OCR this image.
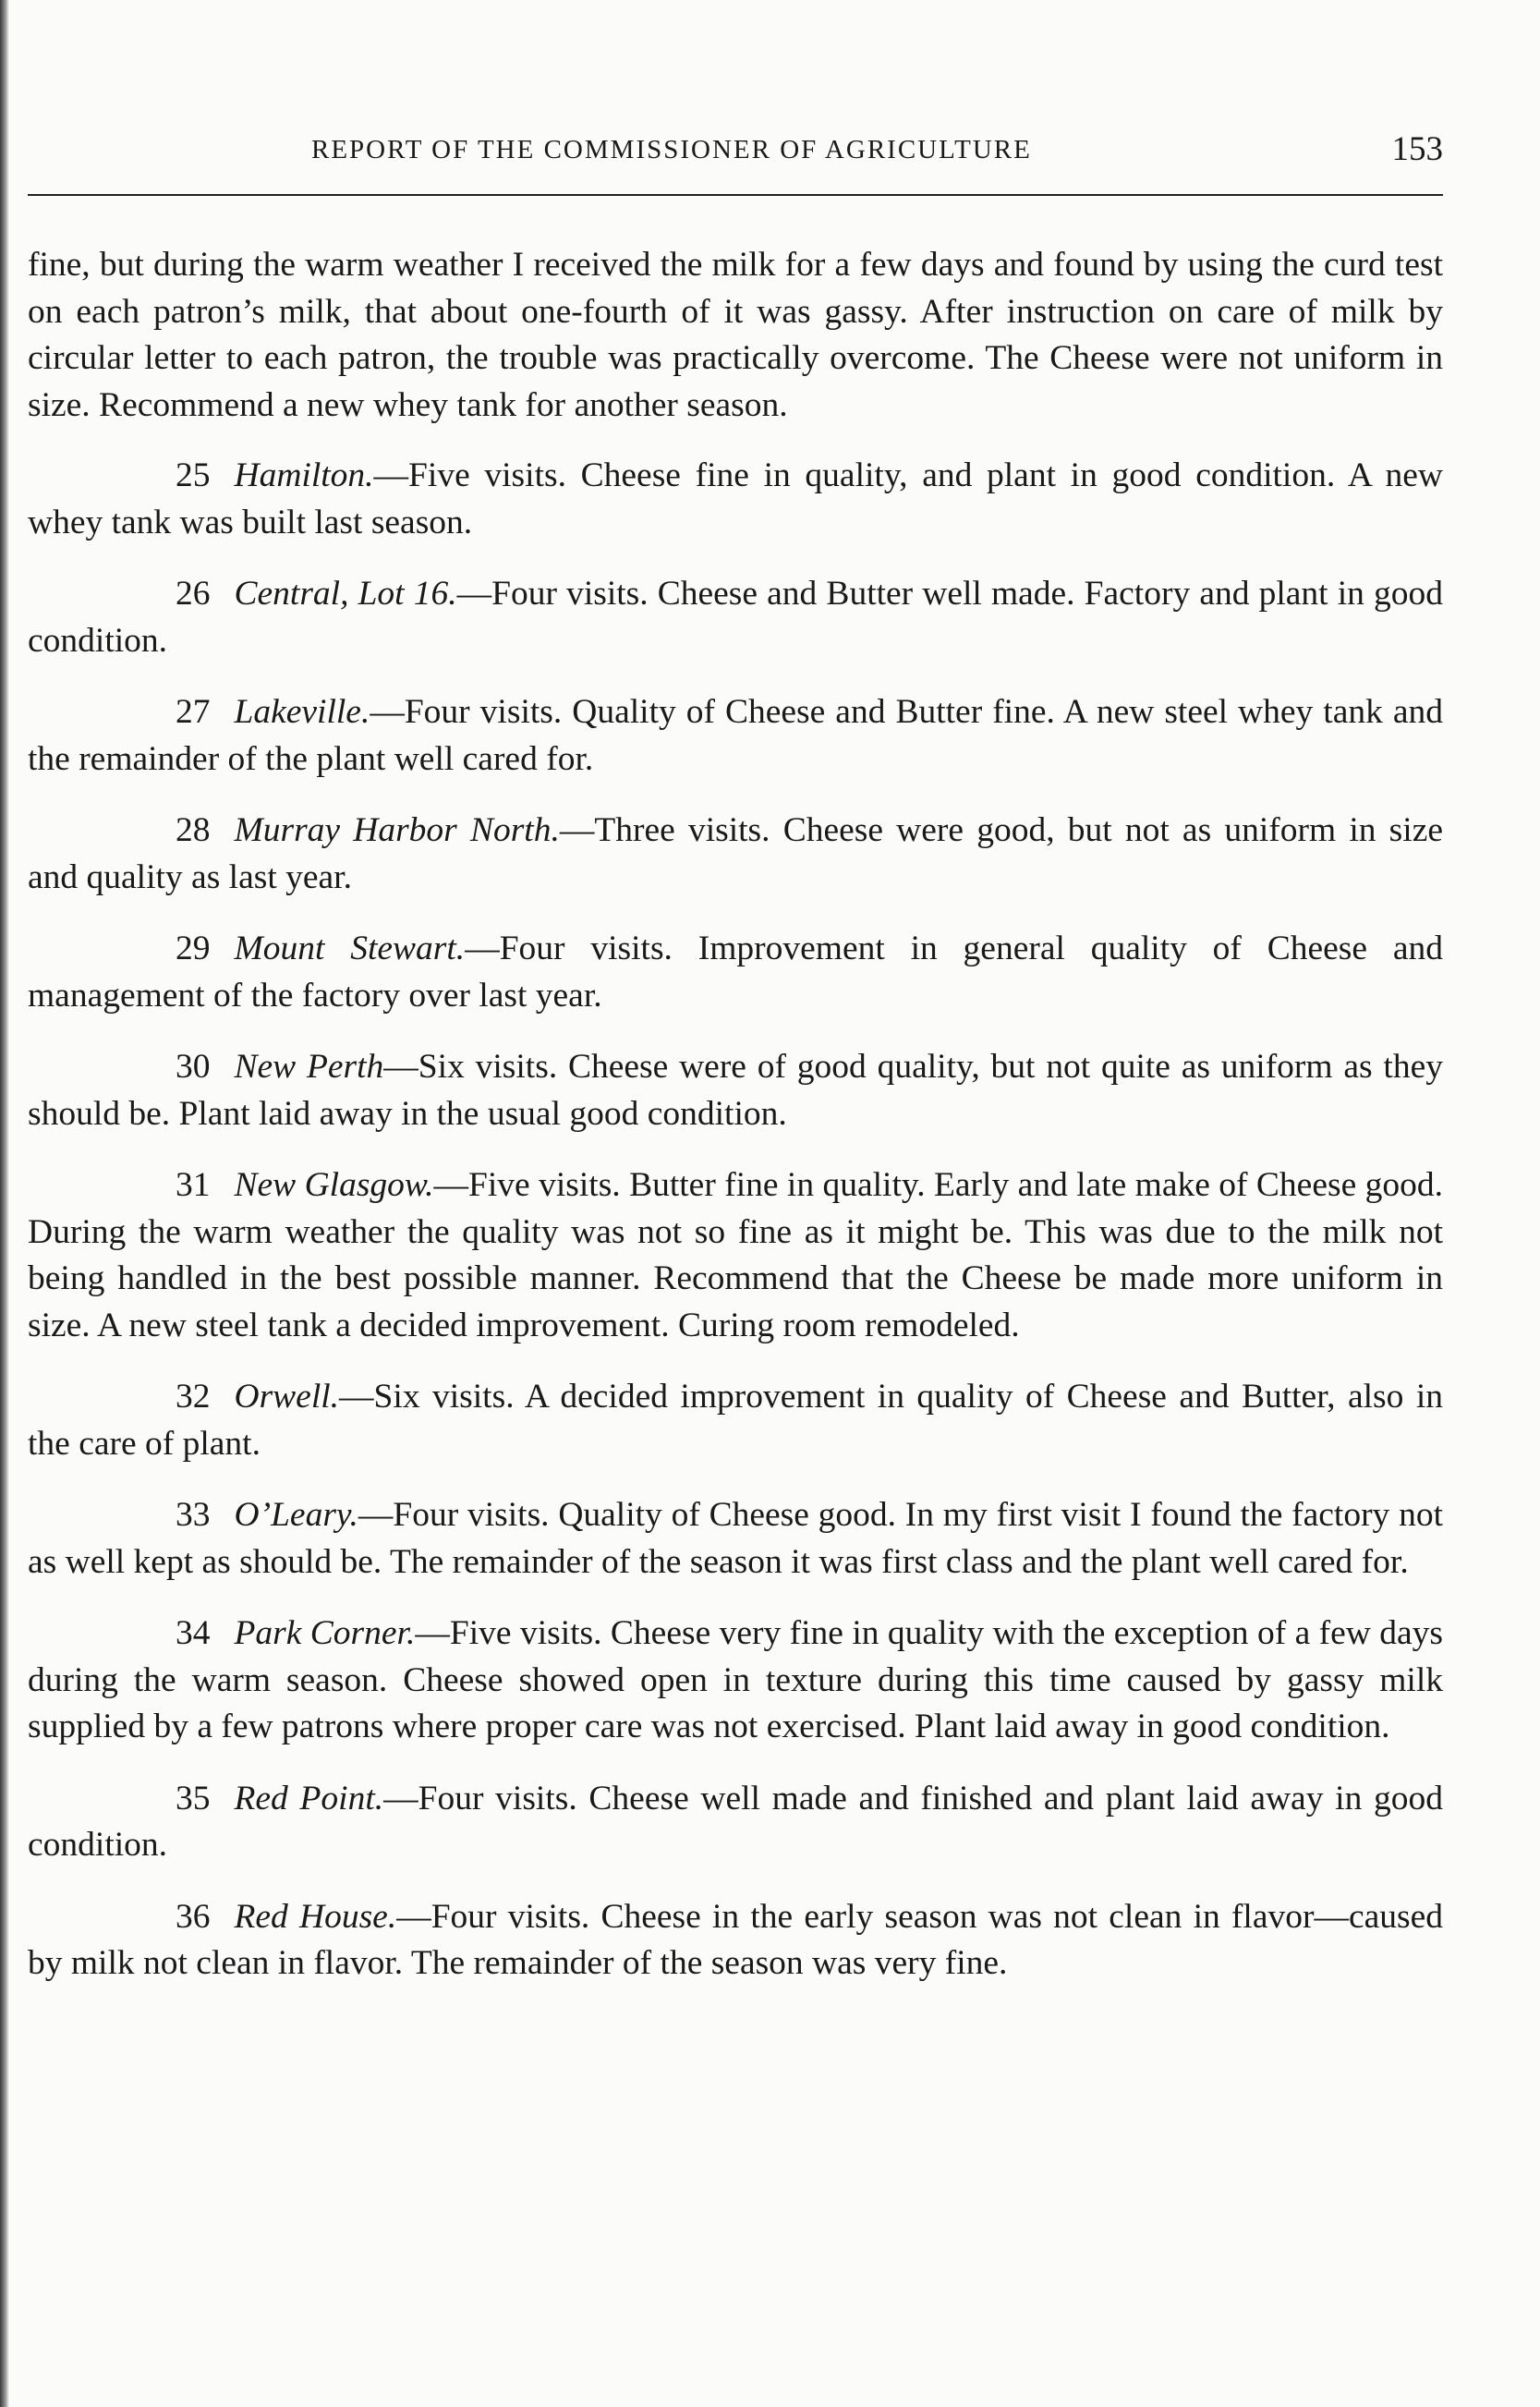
REPORT OF THE COMMISSIONER OF AGRICULTURE	153

fine, but during the warm weather I received the milk for a few days and found by using the curd test on each patron’s milk, that about one-fourth of it was gassy. After instruction on care of milk by circular letter to each patron, the trouble was practically overcome. The Cheese were not uniform in size. Recommend a new whey tank for another season.

25 Hamilton.—Five visits. Cheese fine in quality, and plant in good condition. A new whey tank was built last season.

26 Central, Lot 16.—Four visits. Cheese and Butter well made. Factory and plant in good condition.

27 Lakeville.—Four visits. Quality of Cheese and Butter fine. A new steel whey tank and the remainder of the plant well cared for.

28 Murray Harbor North.—Three visits. Cheese were good, but not as uniform in size and quality as last year.

29 Mount Stewart.—Four visits. Improvement in general quality of Cheese and management of the factory over last year.

30 New Perth—Six visits. Cheese were of good quality, but not quite as uniform as they should be. Plant laid away in the usual good condition.

31 New Glasgow.—Five visits. Butter fine in quality. Early and late make of Cheese good. During the warm weather the quality was not so fine as it might be. This was due to the milk not being handled in the best possible manner. Recommend that the Cheese be made more uniform in size. A new steel tank a decided improvement. Curing room remodeled.

32 Orwell.—Six visits. A decided improvement in quality of Cheese and Butter, also in the care of plant.

33 O’Leary.—Four visits. Quality of Cheese good. In my first visit I found the factory not as well kept as should be. The remainder of the season it was first class and the plant well cared for.

34 Park Corner.—Five visits. Cheese very fine in quality with the exception of a few days during the warm season. Cheese showed open in texture during this time caused by gassy milk supplied by a few patrons where proper care was not exercised. Plant laid away in good condition.

35 Red Point.—Four visits. Cheese well made and finished and plant laid away in good condition.

36 Red House.—Four visits. Cheese in the early season was not clean in flavor—caused by milk not clean in flavor. The remainder of the season was very fine.
